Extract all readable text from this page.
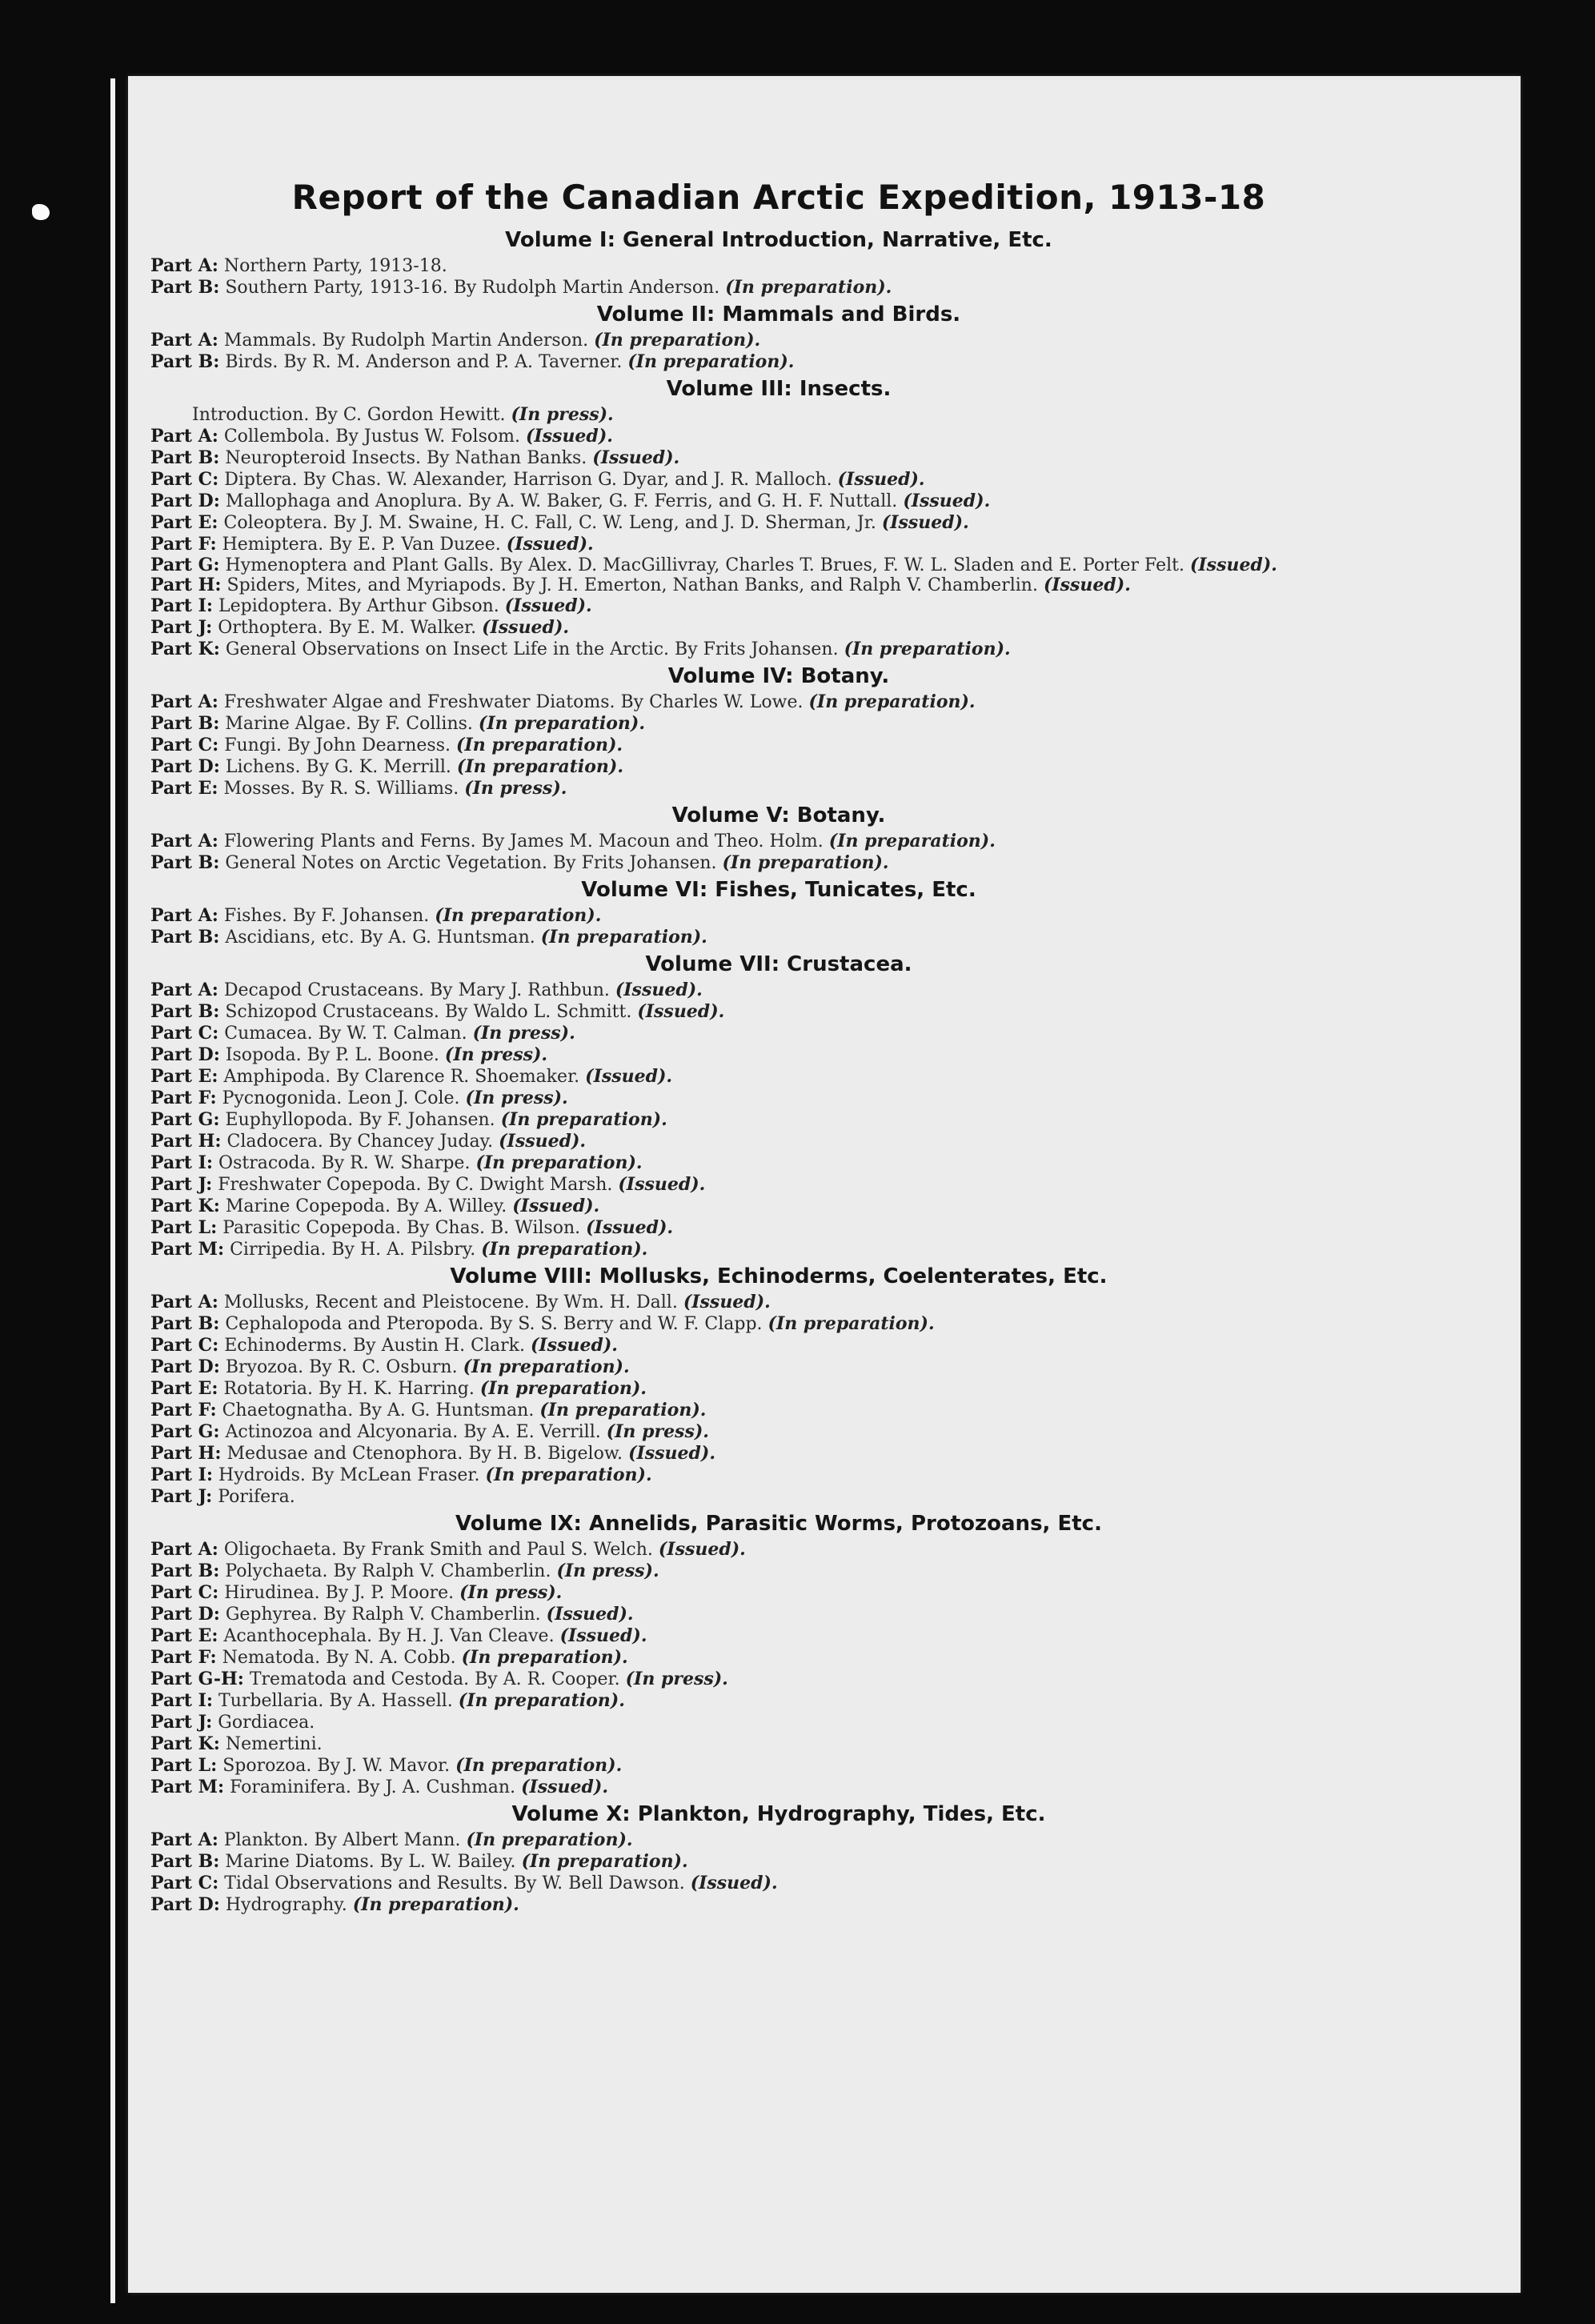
Report of the Canadian Arctic Expedition, 1913-18
Volume I: General Introduction, Narrative, Etc.
Part A: Northern Party, 1913-18.
Part B: Southern Party, 1913-16. By Rudolph Martin Anderson. (In preparation).
Volume II: Mammals and Birds.
Part A: Mammals. By Rudolph Martin Anderson. (In preparation).
Part B: Birds. By R. M. Anderson and P. A. Taverner. (In preparation).
Volume III: Insects.
Introduction. By C. Gordon Hewitt. (In press).
Part A: Collembola. By Justus W. Folsom. (Issued).
Part B: Neuropteroid Insects. By Nathan Banks. (Issued).
Part C: Diptera. By Chas. W. Alexander, Harrison G. Dyar, and J. R. Malloch. (Issued).
Part D: Mallophaga and Anoplura. By A. W. Baker, G. F. Ferris, and G. H. F. Nuttall. (Issued).
Part E: Coleoptera. By J. M. Swaine, H. C. Fall, C. W. Leng, and J. D. Sherman, Jr. (Issued).
Part F: Hemiptera. By E. P. Van Duzee. (Issued).
Part G: Hymenoptera and Plant Galls. By Alex. D. MacGillivray, Charles T. Brues, F. W. L. Sladen and E. Porter Felt. (Issued).
Part H: Spiders, Mites, and Myriapods. By J. H. Emerton, Nathan Banks, and Ralph V. Chamberlin. (Issued).
Part I: Lepidoptera. By Arthur Gibson. (Issued).
Part J: Orthoptera. By E. M. Walker. (Issued).
Part K: General Observations on Insect Life in the Arctic. By Frits Johansen. (In preparation).
Volume IV: Botany.
Part A: Freshwater Algae and Freshwater Diatoms. By Charles W. Lowe. (In preparation).
Part B: Marine Algae. By F. Collins. (In preparation).
Part C: Fungi. By John Dearness. (In preparation).
Part D: Lichens. By G. K. Merrill. (In preparation).
Part E: Mosses. By R. S. Williams. (In press).
Volume V: Botany.
Part A: Flowering Plants and Ferns. By James M. Macoun and Theo. Holm. (In preparation).
Part B: General Notes on Arctic Vegetation. By Frits Johansen. (In preparation).
Volume VI: Fishes, Tunicates, Etc.
Part A: Fishes. By F. Johansen. (In preparation).
Part B: Ascidians, etc. By A. G. Huntsman. (In preparation).
Volume VII: Crustacea.
Part A: Decapod Crustaceans. By Mary J. Rathbun. (Issued).
Part B: Schizopod Crustaceans. By Waldo L. Schmitt. (Issued).
Part C: Cumacea. By W. T. Calman. (In press).
Part D: Isopoda. By P. L. Boone. (In press).
Part E: Amphipoda. By Clarence R. Shoemaker. (Issued).
Part F: Pycnogonida. Leon J. Cole. (In press).
Part G: Euphyllopoda. By F. Johansen. (In preparation).
Part H: Cladocera. By Chancey Juday. (Issued).
Part I: Ostracoda. By R. W. Sharpe. (In preparation).
Part J: Freshwater Copepoda. By C. Dwight Marsh. (Issued).
Part K: Marine Copepoda. By A. Willey. (Issued).
Part L: Parasitic Copepoda. By Chas. B. Wilson. (Issued).
Part M: Cirripedia. By H. A. Pilsbry. (In preparation).
Volume VIII: Mollusks, Echinoderms, Coelenterates, Etc.
Part A: Mollusks, Recent and Pleistocene. By Wm. H. Dall. (Issued).
Part B: Cephalopoda and Pteropoda. By S. S. Berry and W. F. Clapp. (In preparation).
Part C: Echinoderms. By Austin H. Clark. (Issued).
Part D: Bryozoa. By R. C. Osburn. (In preparation).
Part E: Rotatoria. By H. K. Harring. (In preparation).
Part F: Chaetognatha. By A. G. Huntsman. (In preparation).
Part G: Actinozoa and Alcyonaria. By A. E. Verrill. (In press).
Part H: Medusae and Ctenophora. By H. B. Bigelow. (Issued).
Part I: Hydroids. By McLean Fraser. (In preparation).
Part J: Porifera.
Volume IX: Annelids, Parasitic Worms, Protozoans, Etc.
Part A: Oligochaeta. By Frank Smith and Paul S. Welch. (Issued).
Part B: Polychaeta. By Ralph V. Chamberlin. (In press).
Part C: Hirudinea. By J. P. Moore. (In press).
Part D: Gephyrea. By Ralph V. Chamberlin. (Issued).
Part E: Acanthocephala. By H. J. Van Cleave. (Issued).
Part F: Nematoda. By N. A. Cobb. (In preparation).
Part G-H: Trematoda and Cestoda. By A. R. Cooper. (In press).
Part I: Turbellaria. By A. Hassell. (In preparation).
Part J: Gordiacea.
Part K: Nemertini.
Part L: Sporozoa. By J. W. Mavor. (In preparation).
Part M: Foraminifera. By J. A. Cushman. (Issued).
Volume X: Plankton, Hydrography, Tides, Etc.
Part A: Plankton. By Albert Mann. (In preparation).
Part B: Marine Diatoms. By L. W. Bailey. (In preparation).
Part C: Tidal Observations and Results. By W. Bell Dawson. (Issued).
Part D: Hydrography. (In preparation).
